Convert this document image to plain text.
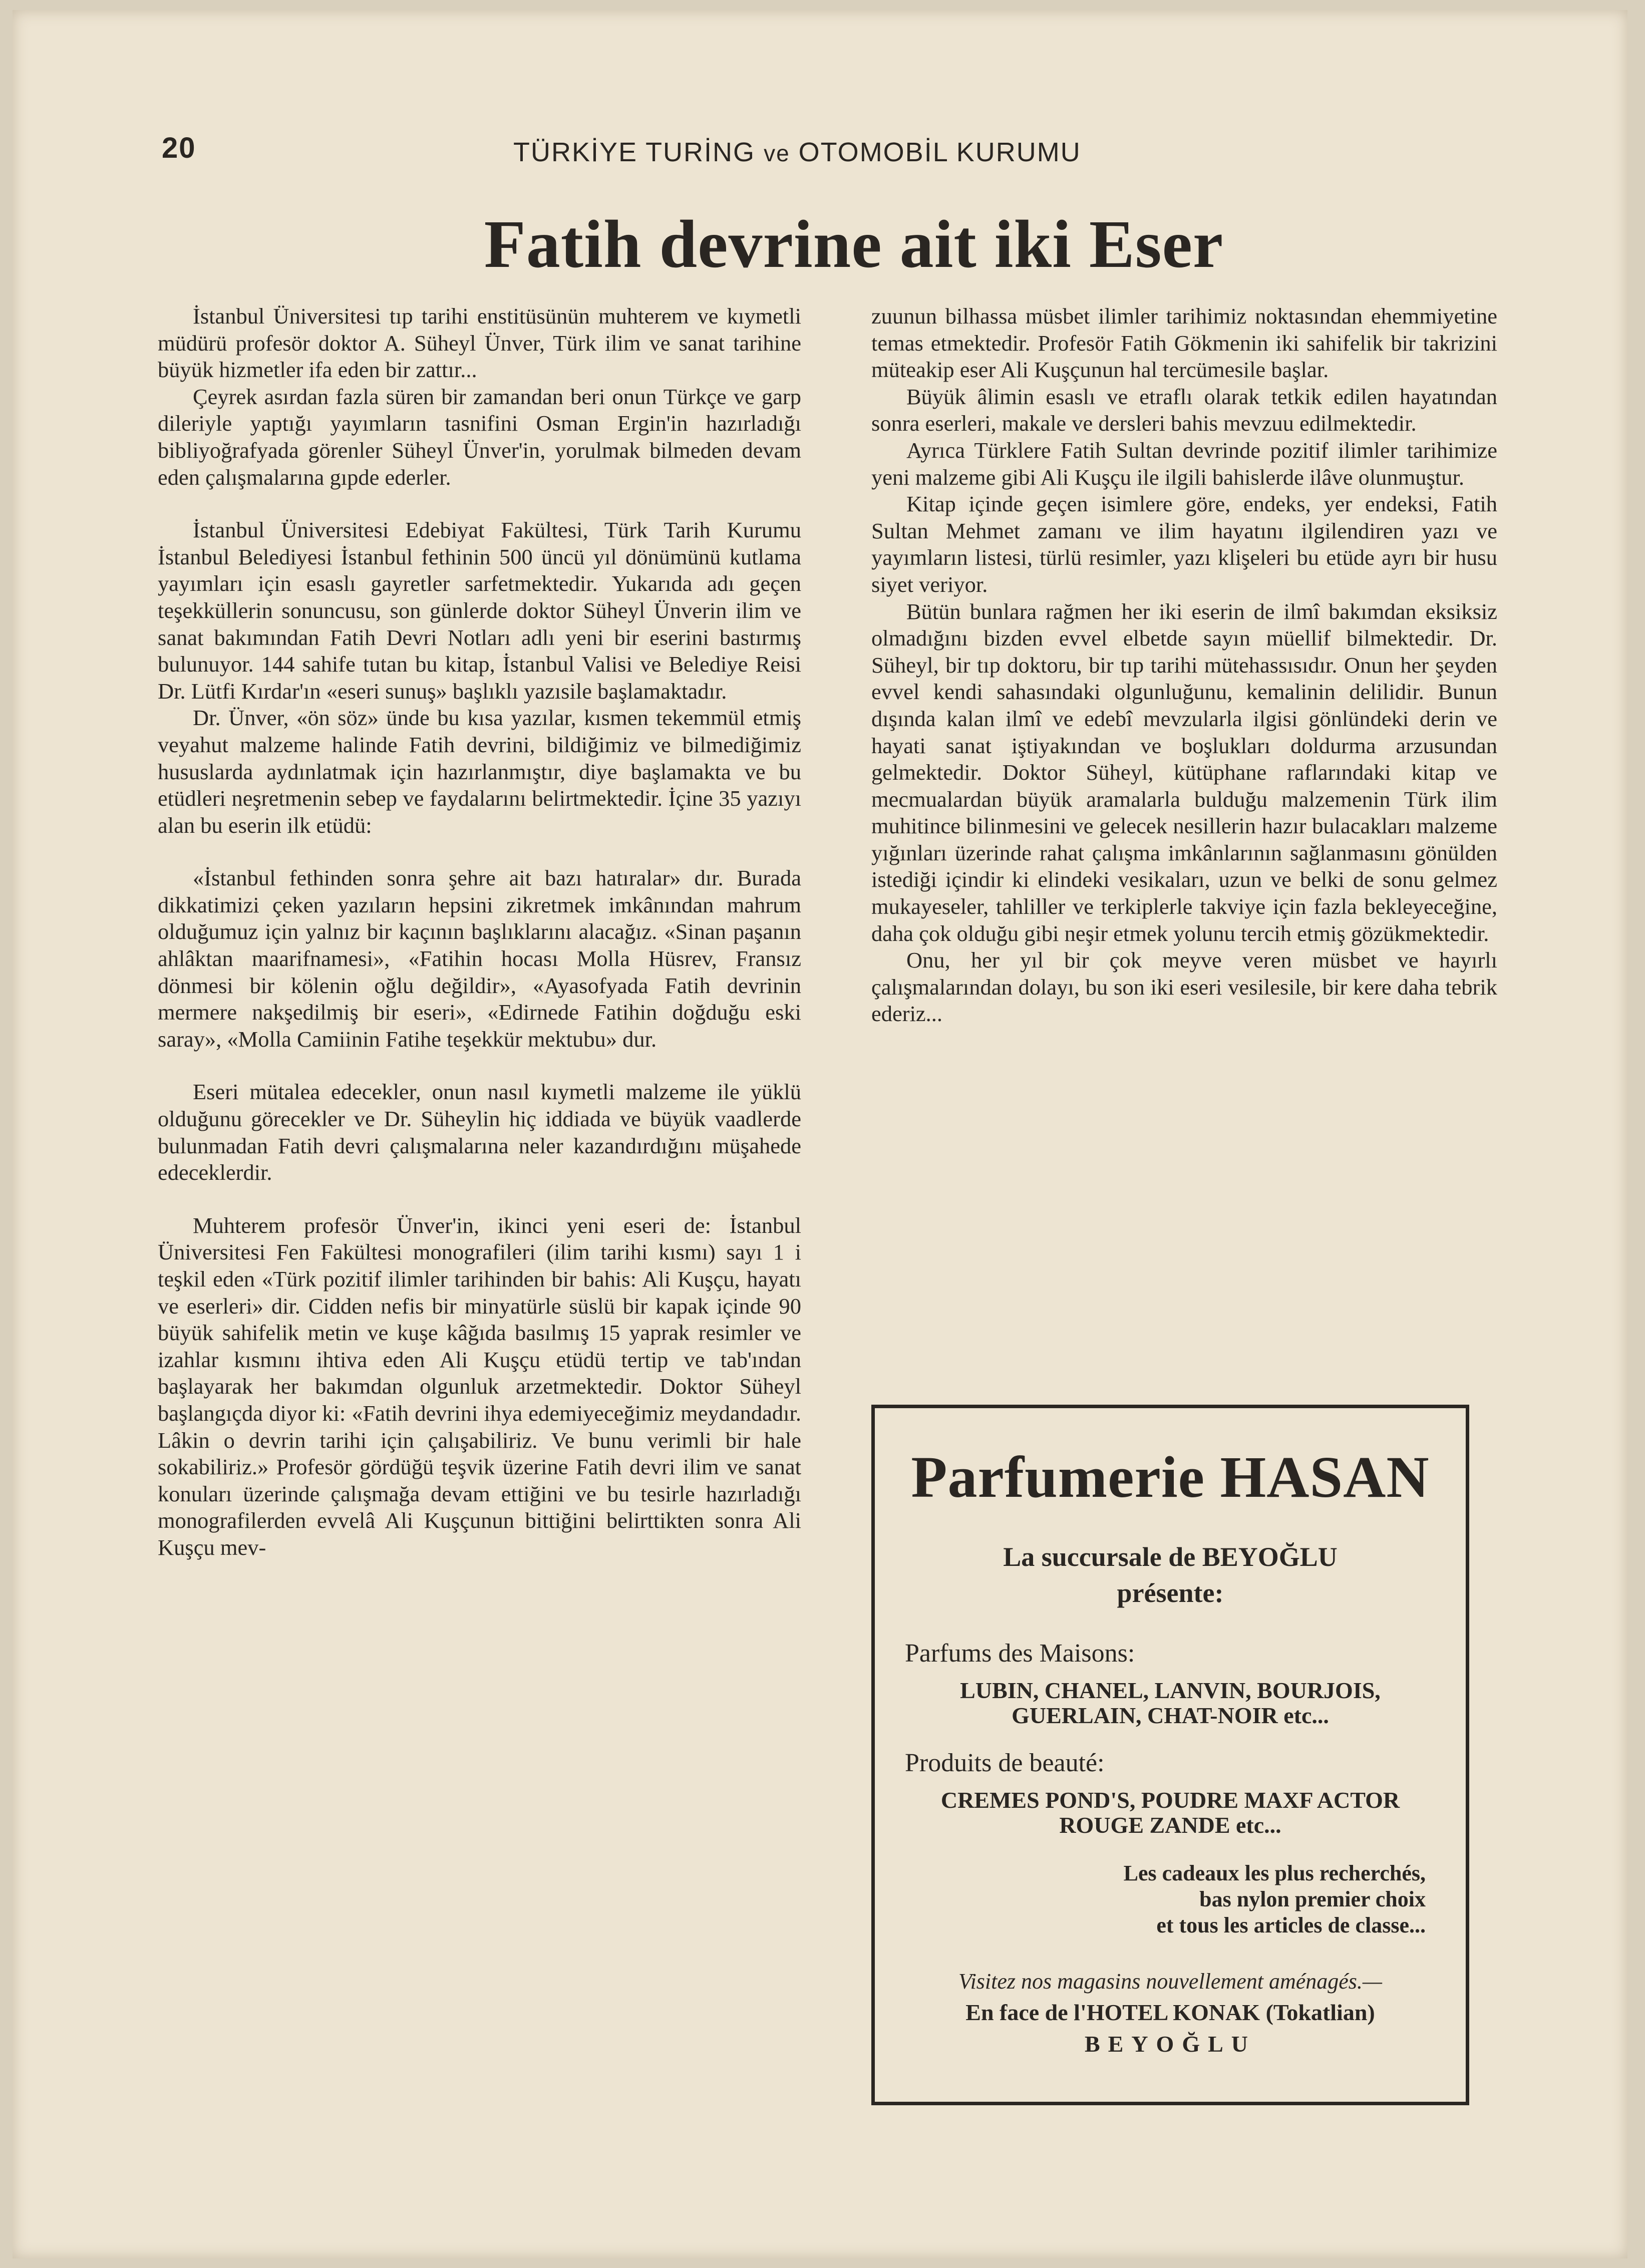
20	TÜRKİYE TURİNG ve OTOMOBİL KURUMU
Fatih devrine ait iki Eser

İstanbul Üniversitesi tıp tarihi enstitüsünün muhterem ve kıymetli müdürü profesör doktor A. Süheyl Ünver, Türk ilim ve sanat tarihine büyük hizmetler ifa eden bir zattır...

Çeyrek asırdan fazla süren bir zamandan beri onun Türkçe ve garp dileriyle yaptığı yayımların tasnifini Osman Ergin'in hazırladığı bibliyoğrafyada görenler Süheyl Ünver'in, yorulmak bilmeden devam eden çalışmalarına gıpde ederler.

İstanbul Üniversitesi Edebiyat Fakültesi, Türk Tarih Kurumu İstanbul Belediyesi İstanbul fethinin 500 üncü yıl dönümünü kutlama yayımları için esaslı gayretler sarfetmektedir. Yukarıda adı geçen teşekküllerin sonuncusu, son günlerde doktor Süheyl Ünverin ilim ve sanat bakımından Fatih Devri Notları adlı yeni bir eserini bastırmış bulunuyor. 144 sahife tutan bu kitap, İstanbul Valisi ve Belediye Reisi Dr. Lütfi Kırdar'ın «eseri sunuş» başlıklı yazısile başlamaktadır.

Dr. Ünver, «ön söz» ünde bu kısa yazılar, kısmen tekemmül etmiş veyahut malzeme halinde Fatih devrini, bildiğimiz ve bilmediğimiz hususlarda aydınlatmak için hazırlanmıştır, diye başlamakta ve bu etüdleri neşretmenin sebep ve faydalarını belirtmektedir. İçine 35 yazıyı alan bu eserin ilk etüdü:

«İstanbul fethinden sonra şehre ait bazı hatıralar» dır. Burada dikkatimizi çeken yazıların hepsini zikretmek imkânından mahrum olduğumuz için yalnız bir kaçının başlıklarını alacağız. «Sinan paşanın ahlâktan maarifnamesi», «Fatihin hocası Molla Hüsrev, Fransız dönmesi bir kölenin oğlu değildir», «Ayasofyada Fatih devrinin mermere nakşedilmiş bir eseri», «Edirnede Fatihin doğduğu eski saray», «Molla Camiinin Fatihe teşekkür mektubu» dur.

Eseri mütalea edecekler, onun nasıl kıymetli malzeme ile yüklü olduğunu görecekler ve Dr. Süheylin hiç iddiada ve büyük vaadlerde bulunmadan Fatih devri çalışmalarına neler kazandırdığını müşahede edeceklerdir.

Muhterem profesör Ünver'in, ikinci yeni eseri de: İstanbul Üniversitesi Fen Fakültesi monografileri (ilim tarihi kısmı) sayı 1 i teşkil eden «Türk pozitif ilimler tarihinden bir bahis: Ali Kuşçu, hayatı ve eserleri» dir. Cidden nefis bir minyatürle süslü bir kapak içinde 90 büyük sahifelik metin ve kuşe kâğıda basılmış 15 yaprak resimler ve izahlar kısmını ihtiva eden Ali Kuşçu etüdü tertip ve tab'ından başlayarak her bakımdan olgunluk arzetmektedir. Doktor Süheyl başlangıçda diyor ki: «Fatih devrini ihya edemiyeceğimiz meydandadır. Lâkin o devrin tarihi için çalışabiliriz. Ve bunu verimli bir hale sokabiliriz.» Profesör gördüğü teşvik üzerine Fatih devri ilim ve sanat konuları üzerinde çalışmağa devam ettiğini ve bu tesirle hazırladığı monografilerden evvelâ Ali Kuşçunun bittiğini belirttikten sonra Ali Kuşçu mev-

zuunun bilhassa müsbet ilimler tarihimiz noktasından ehemmiyetine temas etmektedir. Profesör Fatih Gökmenin iki sahifelik bir takrizini müteakip eser Ali Kuşçunun hal tercümesile başlar.

Büyük âlimin esaslı ve etraflı olarak tetkik edilen hayatından sonra eserleri, makale ve dersleri bahis mevzuu edilmektedir.

Ayrıca Türklere Fatih Sultan devrinde pozitif ilimler tarihimize yeni malzeme gibi Ali Kuşçu ile ilgili bahislerde ilâve olunmuştur.

Kitap içinde geçen isimlere göre, endeks, yer endeksi, Fatih Sultan Mehmet zamanı ve ilim hayatını ilgilendiren yazı ve yayımların listesi, türlü resimler, yazı klişeleri bu etüde ayrı bir husu siyet veriyor.

Bütün bunlara rağmen her iki eserin de ilmî bakımdan eksiksiz olmadığını bizden evvel elbetde sayın müellif bilmektedir. Dr. Süheyl, bir tıp doktoru, bir tıp tarihi mütehassısıdır. Onun her şeyden evvel kendi sahasındaki olgunluğunu, kemalinin delilidir. Bunun dışında kalan ilmî ve edebî mevzularla ilgisi gönlündeki derin ve hayati sanat iştiyakından ve boşlukları doldurma arzusundan gelmektedir. Doktor Süheyl, kütüphane raflarındaki kitap ve mecmualardan büyük aramalarla bulduğu malzemenin Türk ilim muhitince bilinmesini ve gelecek nesillerin hazır bulacakları malzeme yığınları üzerinde rahat çalışma imkânlarının sağlanmasını gönülden istediği içindir ki elindeki vesikaları, uzun ve belki de sonu gelmez mukayeseler, tahliller ve terkiplerle takviye için fazla bekleyeceğine, daha çok olduğu gibi neşir etmek yolunu tercih etmiş gözükmektedir.

Onu, her yıl bir çok meyve veren müsbet ve hayırlı çalışmalarından dolayı, bu son iki eseri vesilesile, bir kere daha tebrik ederiz...

Parfumerie HASAN
La succursale de BEYOĞLU
présente:
Parfums des Maisons:
LUBIN, CHANEL, LANVIN, BOURJOIS,
GUERLAIN, CHAT-NOIR etc...
Produits de beauté:
CREMES POND'S, POUDRE MAXF ACTOR
ROUGE ZANDE etc...
Les cadeaux les plus recherchés,
bas nylon premier choix
et tous les articles de classe...
Visitez nos magasins nouvellement aménagés.—
En face de l'HOTEL KONAK (Tokatlian)
BEYOĞLU
